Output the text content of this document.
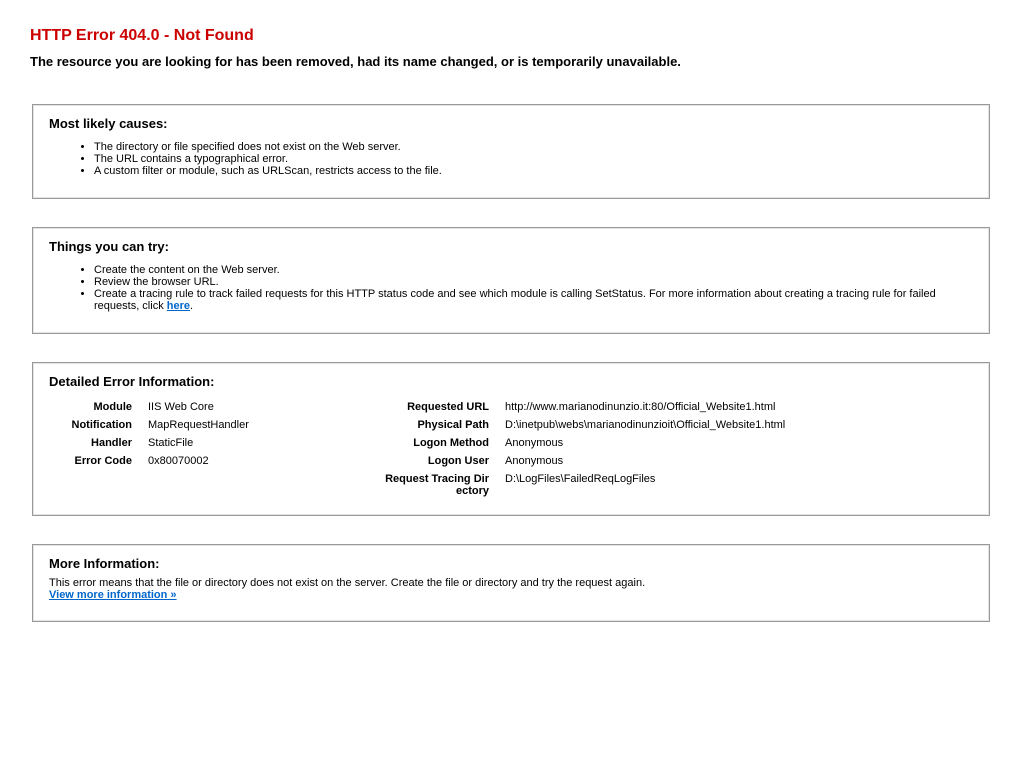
HTTP Error 404.0 - Not Found
The resource you are looking for has been removed, had its name changed, or is temporarily unavailable.
Most likely causes:
• The directory or file specified does not exist on the Web server.
• The URL contains a typographical error.
• A custom filter or module, such as URLScan, restricts access to the file.
Things you can try:
• Create the content on the Web server.
• Review the browser URL.
• Create a tracing rule to track failed requests for this HTTP status code and see which module is calling SetStatus. For more information about creating a tracing rule for failed requests, click here.
Detailed Error Information:
Module	IIS Web Core
Notification	MapRequestHandler
Handler	StaticFile
Error Code	0x80070002
Requested URL	http://www.marianodinunzio.it:80/Official_Website1.html
Physical Path	D:\inetpub\webs\marianodinunzioit\Official_Website1.html
Logon Method	Anonymous
Logon User	Anonymous
Request Tracing Directory	D:\LogFiles\FailedReqLogFiles
More Information:
This error means that the file or directory does not exist on the server. Create the file or directory and try the request again.
View more information »
